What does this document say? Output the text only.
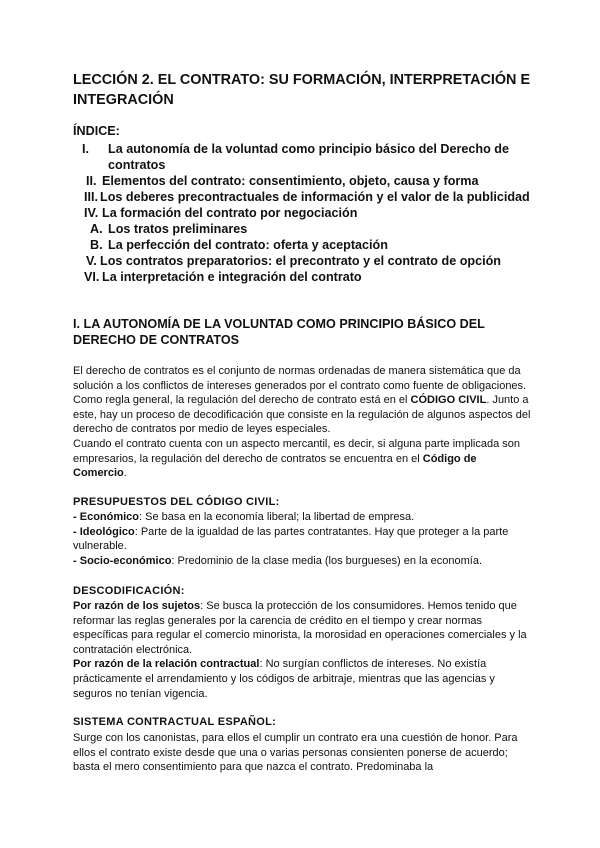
LECCIÓN 2. EL CONTRATO: SU FORMACIÓN, INTERPRETACIÓN E INTEGRACIÓN

ÍNDICE:

I. La autonomía de la voluntad como principio básico del Derecho de
contratos
II. Elementos del contrato: consentimiento, objeto, causa y forma
III. Los deberes precontractuales de información y el valor de la publicidad
IV. La formación del contrato por negociación
A. Los tratos preliminares
B. La perfección del contrato: oferta y aceptación
V. Los contratos preparatorios: el precontrato y el contrato de opción
VI. La interpretación e integración del contrato
I. LA AUTONOMÍA DE LA VOLUNTAD COMO PRINCIPIO BÁSICO DEL DERECHO DE CONTRATOS

El derecho de contratos es el conjunto de normas ordenadas de manera sistemática que da solución a los conflictos de intereses generados por el contrato como fuente de obligaciones. Como regla general, la regulación del derecho de contrato está en el CÓDIGO CIVIL. Junto a este, hay un proceso de decodificación que consiste en la regulación de algunos aspectos del derecho de contratos por medio de leyes especiales.
Cuando el contrato cuenta con un aspecto mercantil, es decir, si alguna parte implicada son empresarios, la regulación del derecho de contratos se encuentra en el Código de Comercio.

PRESUPUESTOS DEL CÓDIGO CIVIL:

- Económico: Se basa en la economía liberal; la libertad de empresa.
- Ideológico: Parte de la igualdad de las partes contratantes. Hay que proteger a la parte vulnerable.
- Socio-económico: Predominio de la clase media (los burgueses) en la economía.

DESCODIFICACIÓN:

Por razón de los sujetos: Se busca la protección de los consumidores. Hemos tenido que reformar las reglas generales por la carencia de crédito en el tiempo y crear normas específicas para regular el comercio minorista, la morosidad en operaciones comerciales y la contratación electrónica.
Por razón de la relación contractual: No surgían conflictos de intereses. No existía prácticamente el arrendamiento y los códigos de arbitraje, mientras que las agencias y seguros no tenían vigencia.

SISTEMA CONTRACTUAL ESPAÑOL:

Surge con los canonistas, para ellos el cumplir un contrato era una cuestión de honor. Para ellos el contrato existe desde que una o varias personas consienten ponerse de acuerdo; basta el mero consentimiento para que nazca el contrato. Predominaba la
